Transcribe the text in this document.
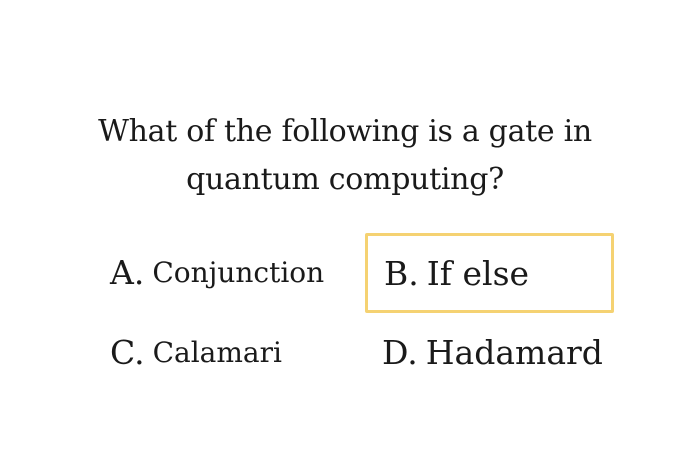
What of the following is a gate in
quantum computing?
A. Conjunction B. If else
C. Calamari	D. Hadamard
